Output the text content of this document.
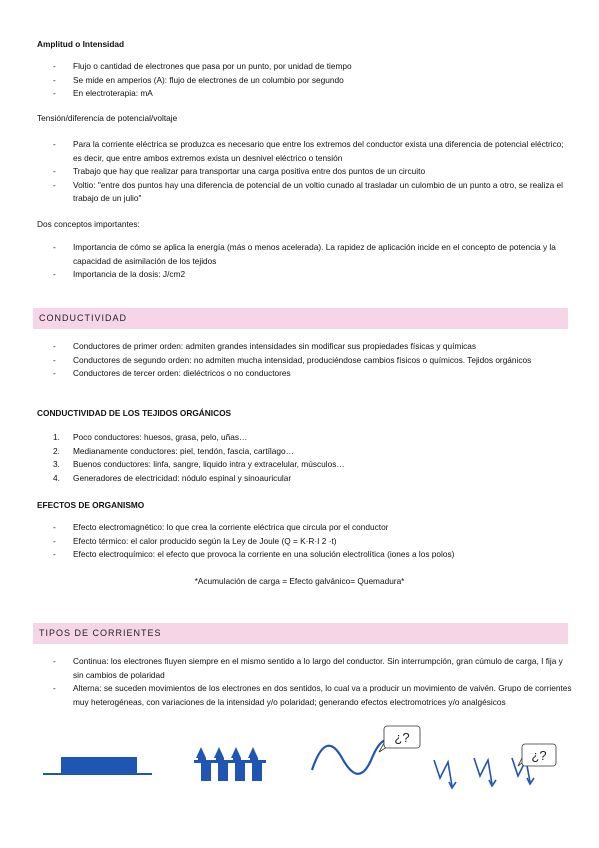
Amplitud o Intensidad
- Flujo o cantidad de electrones que pasa por un punto, por unidad de tiempo
- Se mide en amperios (A): flujo de electrones de un columbio por segundo
- En electroterapia: mA
Tensión/diferencia de potencial/voltaje
- Para la corriente eléctrica se produzca es necesario que entre los extremos del conductor exista una diferencia de potencial eléctrico; es decir, que entre ambos extremos exista un desnivel eléctrico o tensión
- Trabajo que hay que realizar para transportar una carga positiva entre dos puntos de un circuito
- Voltio: "entre dos puntos hay una diferencia de potencial de un voltio cunado al trasladar un culombio de un punto a otro, se realiza el trabajo de un julio"
Dos conceptos importantes:
- Importancia de cómo se aplica la energía (más o menos acelerada). La rapidez de aplicación incide en el concepto de potencia y la capacidad de asimilación de los tejidos
- Importancia de la dosis: J/cm2
CONDUCTIVIDAD
- Conductores de primer orden: admiten grandes intensidades sin modificar sus propiedades físicas y químicas
- Conductores de segundo orden: no admiten mucha intensidad, produciéndose cambios físicos o químicos. Tejidos orgánicos
- Conductores de tercer orden: dieléctricos o no conductores
CONDUCTIVIDAD DE LOS TEJIDOS ORGÁNICOS
1. Poco conductores: huesos, grasa, pelo, uñas…
2. Medianamente conductores: piel, tendón, fascia, cartílago…
3. Buenos conductores: linfa, sangre, liquido intra y extracelular, músculos…
4. Generadores de electricidad: nódulo espinal y sinoauricular
EFECTOS DE ORGANISMO
- Efecto electromagnético: lo que crea la corriente eléctrica que circula por el conductor
- Efecto térmico: el calor producido según la Ley de Joule (Q = K·R·I 2 ·t)
- Efecto electroquímico: el efecto que provoca la corriente en una solución electrolítica (iones a los polos)
*Acumulación de carga = Efecto galvánico= Quemadura*
TIPOS DE CORRIENTES
- Continua: los electrones fluyen siempre en el mismo sentido a lo largo del conductor. Sin interrumpción, gran cúmulo de carga, I fija y sin cambios de polaridad
- Alterna: se suceden movimientos de los electrones en dos sentidos, lo cual va a producir un movimiento de vaivén. Grupo de corrientes muy heterogéneas, con variaciones de la intensidad y/o polaridad; generando efectos electromotrices y/o analgésicos
¿?
¿?
